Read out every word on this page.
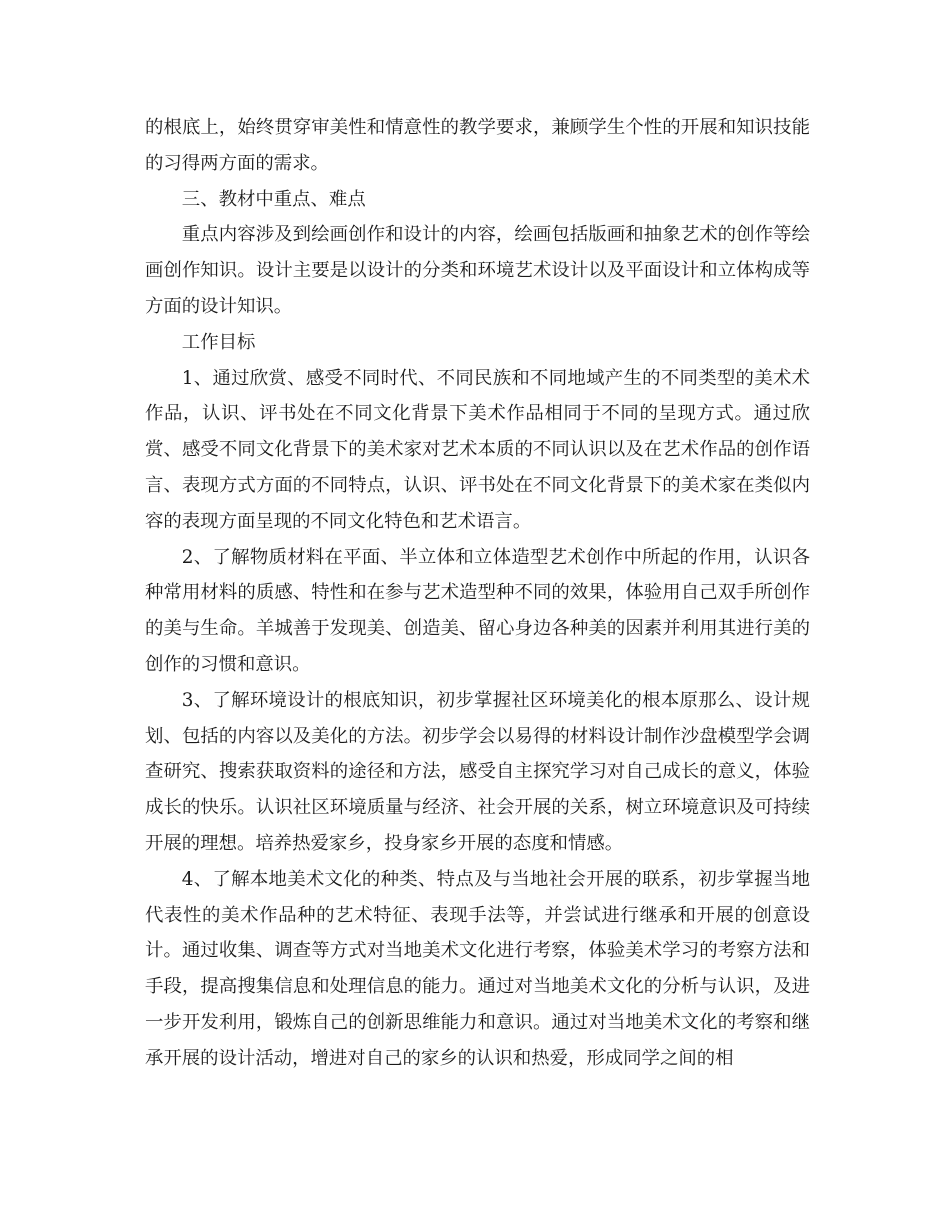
的根底上，始终贯穿审美性和情意性的教学要求，兼顾学生个性的开展和知识技能的习得两方面的需求。

三、教材中重点、难点

重点内容涉及到绘画创作和设计的内容，绘画包括版画和抽象艺术的创作等绘画创作知识。设计主要是以设计的分类和环境艺术设计以及平面设计和立体构成等方面的设计知识。

工作目标

1、通过欣赏、感受不同时代、不同民族和不同地域产生的不同类型的美术术作品，认识、评书处在不同文化背景下美术作品相同于不同的呈现方式。通过欣赏、感受不同文化背景下的美术家对艺术本质的不同认识以及在艺术作品的创作语言、表现方式方面的不同特点，认识、评书处在不同文化背景下的美术家在类似内容的表现方面呈现的不同文化特色和艺术语言。

2、了解物质材料在平面、半立体和立体造型艺术创作中所起的作用，认识各种常用材料的质感、特性和在参与艺术造型种不同的效果，体验用自己双手所创作的美与生命。羊城善于发现美、创造美、留心身边各种美的因素并利用其进行美的创作的习惯和意识。

3、了解环境设计的根底知识，初步掌握社区环境美化的根本原那么、设计规划、包括的内容以及美化的方法。初步学会以易得的材料设计制作沙盘模型学会调查研究、搜索获取资料的途径和方法，感受自主探究学习对自己成长的意义，体验成长的快乐。认识社区环境质量与经济、社会开展的关系，树立环境意识及可持续开展的理想。培养热爱家乡，投身家乡开展的态度和情感。

4、了解本地美术文化的种类、特点及与当地社会开展的联系，初步掌握当地代表性的美术作品种的艺术特征、表现手法等，并尝试进行继承和开展的创意设计。通过收集、调查等方式对当地美术文化进行考察，体验美术学习的考察方法和手段，提高搜集信息和处理信息的能力。通过对当地美术文化的分析与认识，及进一步开发利用，锻炼自己的创新思维能力和意识。通过对当地美术文化的考察和继承开展的设计活动，增进对自己的家乡的认识和热爱，形成同学之间的相
